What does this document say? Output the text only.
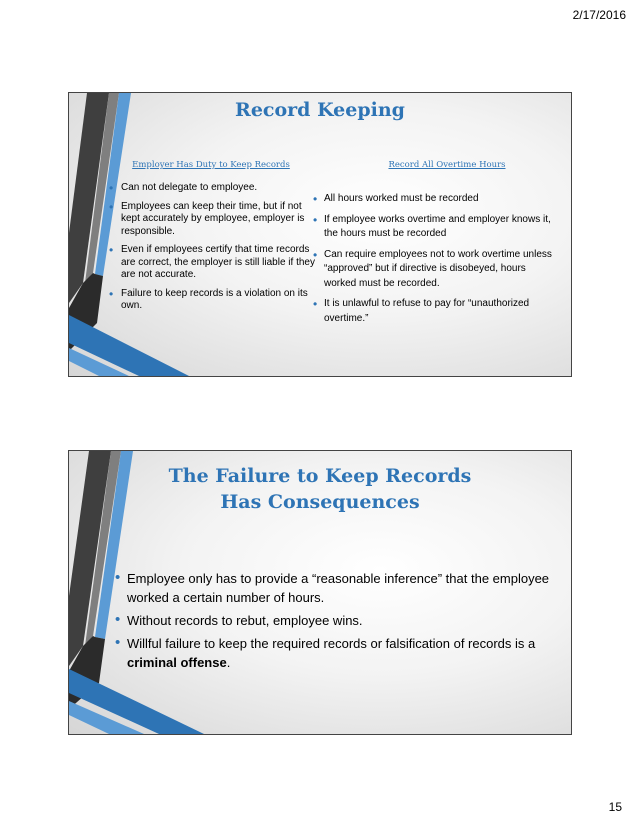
2/17/2016
Record Keeping
Employer Has Duty to Keep Records	Record All Overtime Hours
• Can not delegate to employee.
• Employees can keep their time, but if not kept accurately by employee, employer is responsible.
• Even if employees certify that time records are correct, the employer is still liable if they are not accurate.
• Failure to keep records is a violation on its own.
• All hours worked must be recorded
• If employee works overtime and employer knows it, the hours must be recorded
• Can require employees not to work overtime unless “approved” but if directive is disobeyed, hours worked must be recorded.
• It is unlawful to refuse to pay for “unauthorized overtime.”
The Failure to Keep Records
Has Consequences
• Employee only has to provide a “reasonable inference” that the employee worked a certain number of hours.
• Without records to rebut, employee wins.
• Willful failure to keep the required records or falsification of records is a criminal offense.
15
